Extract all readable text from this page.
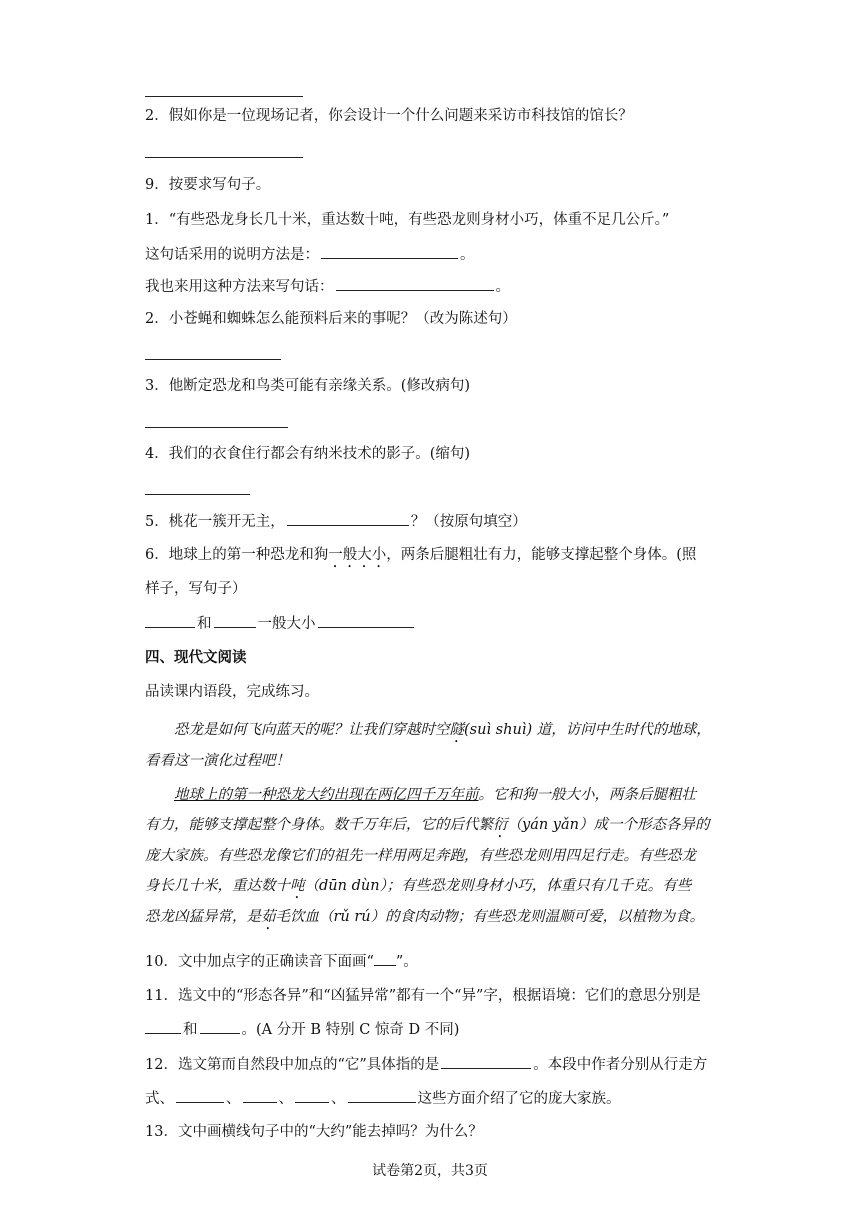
2．假如你是一位现场记者，你会设计一个什么问题来采访市科技馆的馆长？
9．按要求写句子。
1．“有些恐龙身长几十米，重达数十吨，有些恐龙则身材小巧，体重不足几公斤。”
这句话采用的说明方法是：	。
我也来用这种方法来写句话：	。
2．小苍蝇和蜘蛛怎么能预料后来的事呢？（改为陈述句）
3．他断定恐龙和鸟类可能有亲缘关系。(修改病句)
4．我们的衣食住行都会有纳米技术的影子。(缩句)
5．桃花一簇开无主，	？（按原句填空）
6．地球上的第一种恐龙和狗一般大小，两条后腿粗壮有力，能够支撑起整个身体。(照
样子，写句子）
和	一般大小
四、现代文阅读
品读课内语段，完成练习。
恐龙是如何飞向蓝天的呢？让我们穿越时空隧(suì shuì) 道，访问中生时代的地球，
看看这一演化过程吧！
地球上的第一种恐龙大约出现在两亿四千万年前。它和狗一般大小，两条后腿粗壮
有力，能够支撑起整个身体。数千万年后，它的后代繁衍（yán yǎn）成一个形态各异的
庞大家族。有些恐龙像它们的祖先一样用两足奔跑，有些恐龙则用四足行走。有些恐龙
身长几十米，重达数十吨（dūn dùn）；有些恐龙则身材小巧，体重只有几千克。有些
恐龙凶猛异常，是茹毛饮血（rǔ rú）的食肉动物；有些恐龙则温顺可爱，以植物为食。
10．文中加点字的正确读音下面画“ ”。
11．选文中的“形态各异”和“凶猛异常”都有一个“异”字，根据语境：它们的意思分别是
和	。(A 分开 B 特别 C 惊奇 D 不同)
12．选文第而自然段中加点的“它”具体指的是	。本段中作者分别从行走方
式、	、	、	、	这些方面介绍了它的庞大家族。
13．文中画横线句子中的“大约”能去掉吗？为什么？
试卷第2页，共3页
